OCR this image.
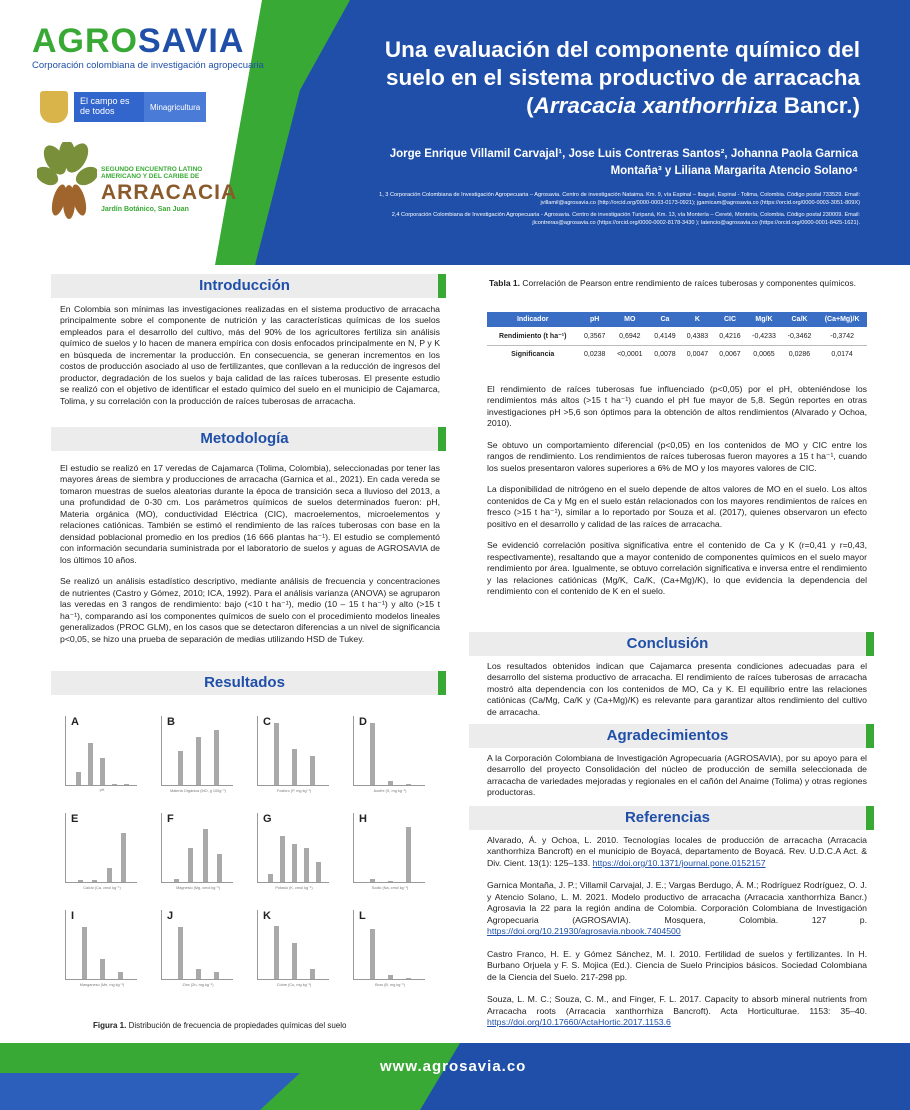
AGROSAVIA
Corporación colombiana de investigación agropecuaria
El campo es de todos	Minagricultura
SEGUNDO ENCUENTRO LATINO AMERICANO Y DEL CARIBE DE
ARRACACIA
Jardín Botánico, San Juan
Una evaluación del componente químico del suelo en el sistema productivo de arracacha (Arracacia xanthorrhiza Bancr.)
Jorge Enrique Villamil Carvajal¹, Jose Luis Contreras Santos², Johanna Paola Garnica Montaña³ y Liliana Margarita Atencio Solano⁴

1, 3 Corporación Colombiana de Investigación Agropecuaria – Agrosavia. Centro de investigación Nataima. Km. 9, vía Espinal – Ibagué, Espinal - Tolima, Colombia. Código postal 733529. Email: jvillamil@agrosavia.co (http://orcid.org/0000-0003-0173-0921); jgarnicam@agrosavia.co (https://orcid.org/0000-0003-3051-809X)

2,4 Corporación Colombiana de Investigación Agropecuaria - Agrosavia. Centro de investigación Turipaná, Km. 13, vía Montería – Cereté, Montería, Colombia. Código postal 230009. Email: jlcontreras@agrosavia.co (https://orcid.org/0000-0002-8178-3430 ); latencio@agrosavia.co (https://orcid.org/0000-0001-8425-1621).

Introducción
En Colombia son mínimas las investigaciones realizadas en el sistema productivo de arracacha principalmente sobre el componente de nutrición y las características químicas de los suelos empleados para el desarrollo del cultivo, más del 90% de los agricultores fertiliza sin análisis químico de suelos y lo hacen de manera empírica con dosis enfocados principalmente en N, P y K en búsqueda de incrementar la producción. En consecuencia, se generan incrementos en los costos de producción asociado al uso de fertilizantes, que conllevan a la reducción de ingresos del productor, degradación de los suelos y baja calidad de las raíces tuberosas. El presente estudio se realizó con el objetivo de identificar el estado químico del suelo en el municipio de Cajamarca, Tolima, y su correlación con la producción de raíces tuberosas de arracacha.
Metodología

El estudio se realizó en 17 veredas de Cajamarca (Tolima, Colombia), seleccionadas por tener las mayores áreas de siembra y producciones de arracacha (Garnica et al., 2021). En cada vereda se tomaron muestras de suelos aleatorias durante la época de transición seca a lluvioso del 2013, a una profundidad de 0-30 cm. Los parámetros químicos de suelos determinados fueron: pH, Materia orgánica (MO), conductividad Eléctrica (CIC), macroelementos, microelementos y relaciones catiónicas. También se estimó el rendimiento de las raíces tuberosas con base en la densidad poblacional promedio en los predios (16 666 plantas ha⁻¹). El estudio se complementó con información secundaria suministrada por el laboratorio de suelos y aguas de AGROSAVIA de los últimos 10 años.

Se realizó un análisis estadístico descriptivo, mediante análisis de frecuencia y concentraciones de nutrientes (Castro y Gómez, 2010; ICA, 1992). Para el análisis varianza (ANOVA) se agruparon las veredas en 3 rangos de rendimiento: bajo (<10 t ha⁻¹), medio (10 – 15 t ha⁻¹) y alto (>15 t ha⁻¹), comparando así los componentes químicos de suelo con el procedimiento modelos lineales generalizados (PROC GLM), en los casos que se detectaron diferencias a un nivel de significancia p<0,05, se hizo una prueba de separación de medias utilizando HSD de Tukey.

Resultados
A
pH
B
Materia Orgánica (MO, g 100g⁻¹)
C
Fosforo (P, mg kg⁻¹)
D
Azufre (S, mg kg⁻¹)
E
Calcio (Ca, cmol kg⁻¹)
F
Magnesio (Mg, cmol kg⁻¹)
G
Potasio (K, cmol kg⁻¹)
H
Sodio (Na, cmol kg⁻¹)
I
Manganeso (Mn, mg kg⁻¹)
J
Zinc (Zn, mg kg⁻¹)
K
Cobre (Cu, mg kg⁻¹)
L
Boro (B, mg kg⁻¹)
Figura 1. Distribución de frecuencia de propiedades químicas del suelo
Tabla 1. Correlación de Pearson entre rendimiento de raíces tuberosas y componentes químicos.
Indicador	pH	MO	Ca	K	CIC	Mg/K	Ca/K	(Ca+Mg)/K
Rendimiento (t ha⁻¹)	0,3567	0,6942	0,4149	0,4383	0,4216	-0,4233	-0,3462	-0,3742
Significancia	0,0238	<0,0001	0,0078	0,0047	0,0067	0,0065	0,0286	0,0174

El rendimiento de raíces tuberosas fue influenciado (p<0,05) por el pH, obteniéndose los rendimientos más altos (>15 t ha⁻¹) cuando el pH fue mayor de 5,8. Según reportes en otras investigaciones pH >5,6 son óptimos para la obtención de altos rendimientos (Alvarado y Ochoa, 2010).

Se obtuvo un comportamiento diferencial (p<0,05) en los contenidos de MO y CIC entre los rangos de rendimiento. Los rendimientos de raíces tuberosas fueron mayores a 15 t ha⁻¹, cuando los suelos presentaron valores superiores a 6% de MO y los mayores valores de CIC.

La disponibilidad de nitrógeno en el suelo depende de altos valores de MO en el suelo. Los altos contenidos de Ca y Mg en el suelo están relacionados con los mayores rendimientos de raíces en fresco (>15 t ha⁻¹), similar a lo reportado por Souza et al. (2017), quienes observaron un efecto positivo en el desarrollo y calidad de las raíces de arracacha.

Se evidenció correlación positiva significativa entre el contenido de Ca y K (r=0,41 y r=0,43, respectivamente), resaltando que a mayor contenido de componentes químicos en el suelo mayor rendimiento por área. Igualmente, se obtuvo correlación significativa e inversa entre el rendimiento y las relaciones catiónicas (Mg/K, Ca/K, (Ca+Mg)/K), lo que evidencia la dependencia del rendimiento con el contenido de K en el suelo.

Conclusión
Los resultados obtenidos indican que Cajamarca presenta condiciones adecuadas para el desarrollo del sistema productivo de arracacha. El rendimiento de raíces tuberosas de arracacha mostró alta dependencia con los contenidos de MO, Ca y K. El equilibrio entre las relaciones catiónicas (Ca/Mg, Ca/K y (Ca+Mg)/K) es relevante para garantizar altos rendimiento del cultivo de arracacha.
Agradecimientos
A la Corporación Colombiana de Investigación Agropecuaria (AGROSAVIA), por su apoyo para el desarrollo del proyecto Consolidación del núcleo de producción de semilla seleccionada de arracacha de variedades mejoradas y regionales en el cañón del Anaime (Tolima) y otras regiones productoras.
Referencias

Alvarado, Á. y Ochoa, L. 2010. Tecnologías locales de producción de arracacha (Arracacia xanthorrhiza Bancroft) en el municipio de Boyacá, departamento de Boyacá. Rev. U.D.C.A Act. & Div. Cient. 13(1): 125–133. https://doi.org/10.1371/journal.pone.0152157

Garnica Montaña, J. P.; Villamil Carvajal, J. E.; Vargas Berdugo, Á. M.; Rodríguez Rodríguez, O. J. y Atencio Solano, L. M. 2021. Modelo productivo de arracacha (Arracacia xanthorrhiza Bancr.) Agrosavia la 22 para la región andina de Colombia. Corporación Colombiana de Investigación Agropecuaria (AGROSAVIA). Mosquera, Colombia. 127 p. https://doi.org/10.21930/agrosavia.nbook.7404500

Castro Franco, H. E. y Gómez Sánchez, M. I. 2010. Fertilidad de suelos y fertilizantes. In H. Burbano Orjuela y F. S. Mojica (Ed.). Ciencia de Suelo Principios básicos. Sociedad Colombiana de la Ciencia del Suelo. 217-298 pp.

Souza, L. M. C.; Souza, C. M., and Finger, F. L. 2017. Capacity to absorb mineral nutrients from Arracacha roots (Arracacia xanthorrhiza Bancroft). Acta Horticulturae. 1153: 35–40. https://doi.org/10.17660/ActaHortic.2017.1153.6

www.agrosavia.co
